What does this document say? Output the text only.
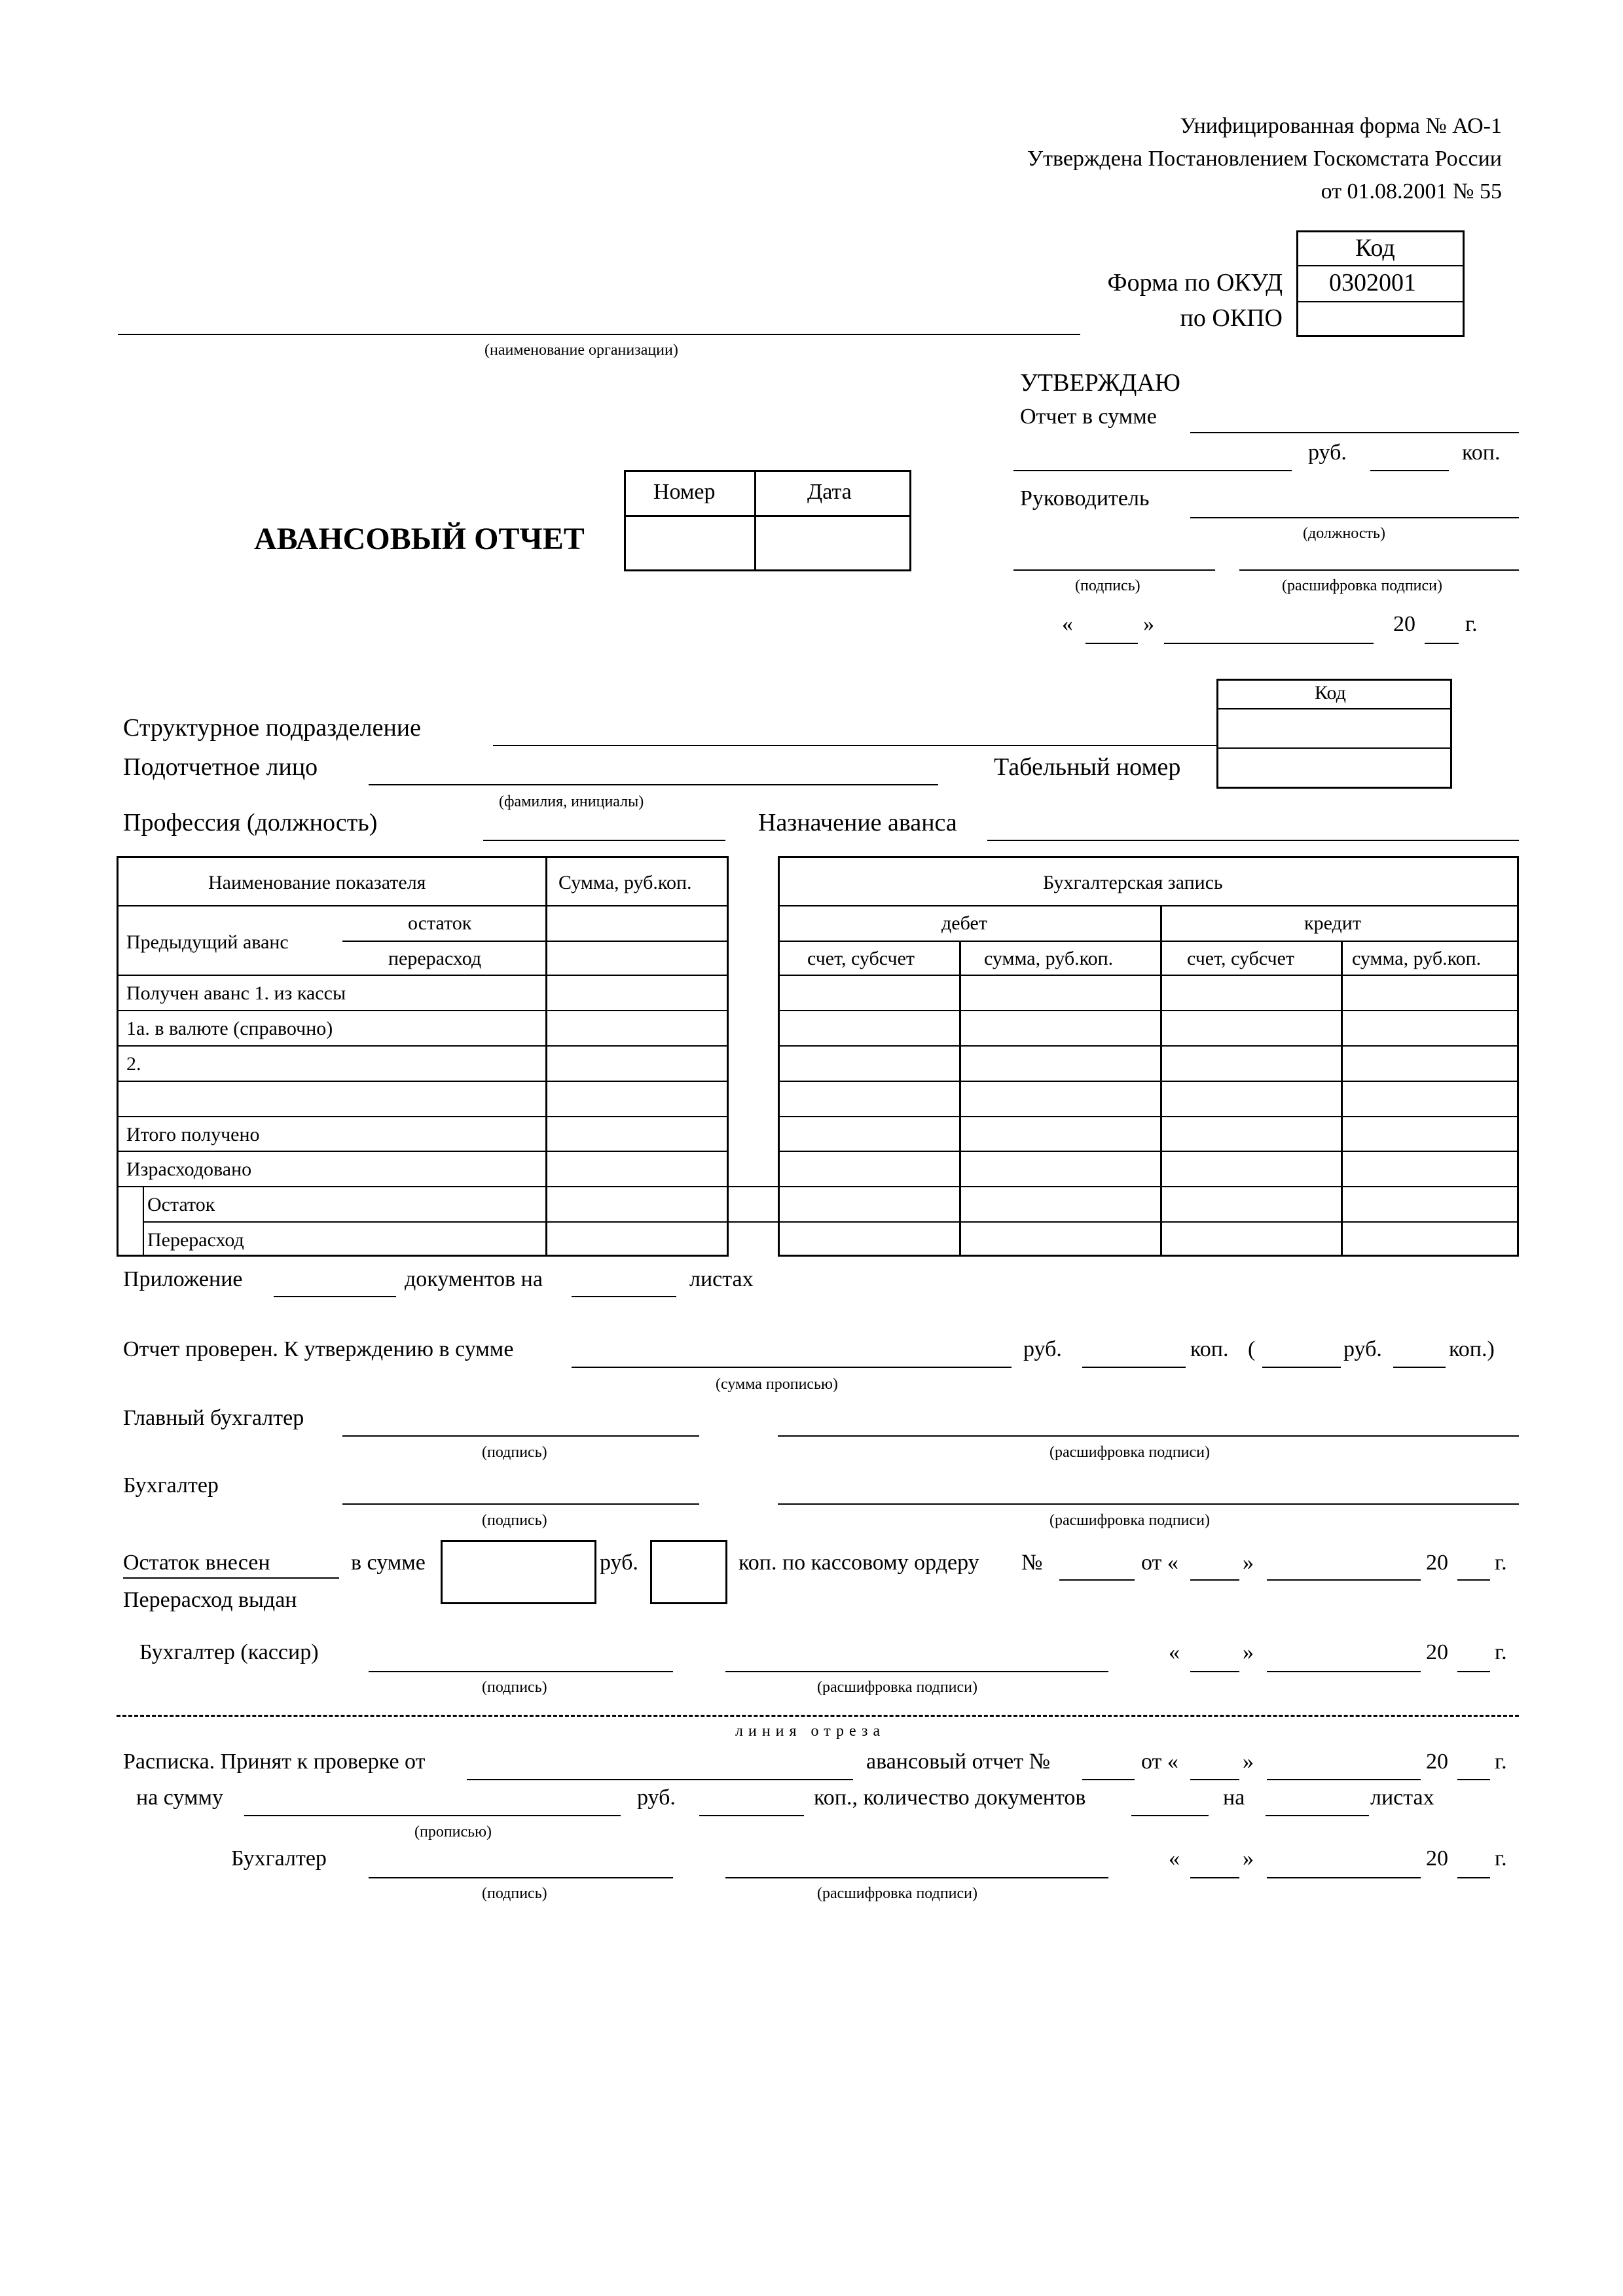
Унифицированная форма № АО-1
Утверждена Постановлением Госкомстата России
от 01.08.2001 № 55
Код
Форма по ОКУД 0302001
по ОКПО
(наименование организации)
УТВЕРЖДАЮ
Отчет в сумме
руб.	коп.
Руководитель
(должность)
(подпись)	(расшифровка подписи)
«	»	20 г.
АВАНСОВЫЙ ОТЧЕТ
Номер	Дата
Код
Структурное подразделение
Подотчетное лицо	Табельный номер
(фамилия, инициалы)
Профессия (должность)	Назначение аванса
Наименование показателя	Сумма, руб.коп.
Предыдущий аванс
остаток
перерасход
Получен аванс 1. из кассы
1а. в валюте (справочно)
2.
Итого получено
Израсходовано
Остаток
Перерасход
Бухгалтерская запись
дебет	кредит
счет, субсчет	сумма, руб.коп.	счет, субсчет	сумма, руб.коп.
Приложение	документов на	листах
Отчет проверен. К утверждению в сумме
(сумма прописью)
руб.	коп. (	руб.	коп.)
Главный бухгалтер
(подпись)	(расшифровка подписи)
Бухгалтер
(подпись)	(расшифровка подписи)
Остаток внесен	в сумме	руб.	коп. по кассовому ордеру №	от «	»	20 г.
Перерасход выдан
Бухгалтер (кассир)
(подпись)	(расшифровка подписи)
«	»	20 г.
линия отреза
Расписка. Принят к проверке от	авансовый отчет №	от «	»	20 г.
на сумму
(прописью)
руб.	коп., количество документов	на	листах
Бухгалтер
(подпись)	(расшифровка подписи)
«	»	20 г.
